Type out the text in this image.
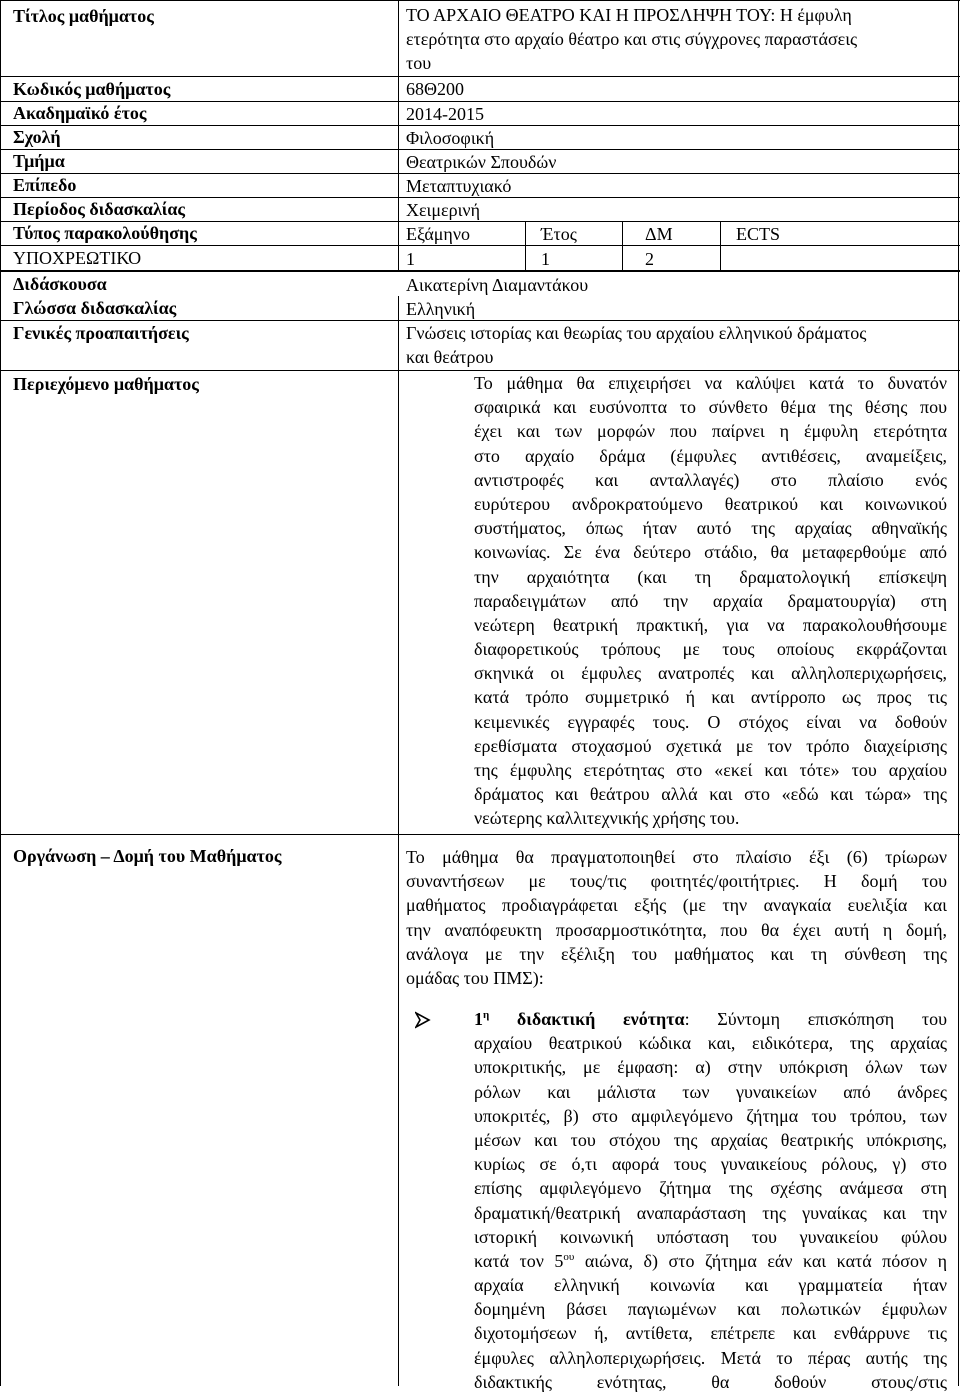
Τίτλος μαθήματος	ΤΟ ΑΡΧΑΙΟ ΘΕΑΤΡΟ ΚΑΙ Η ΠΡΟΣΛΗΨΗ ΤΟΥ: Η έμφυλη
ετερότητα στο αρχαίο θέατρο και στις σύγχρονες παραστάσεις
του
Κωδικός μαθήματος	68Θ200
Ακαδημαϊκό έτος	2014-2015
Σχολή	Φιλοσοφική
Τμήμα	Θεατρικών Σπουδών
Επίπεδο	Μεταπτυχιακό
Περίοδος διδασκαλίας	Χειμερινή
Τύπος παρακολούθησης	Εξάμηνο	Έτος	ΔΜ	ECTS
ΥΠΟΧΡΕΩΤΙΚΟ	1	1	2
Διδάσκουσα	Αικατερίνη Διαμαντάκου
Γλώσσα διδασκαλίας	Ελληνική
Γενικές προαπαιτήσεις	Γνώσεις ιστορίας και θεωρίας του αρχαίου ελληνικού δράματος
και θεάτρου
Περιεχόμενο μαθήματος	Το μάθημα θα επιχειρήσει να καλύψει κατά το δυνατόν
σφαιρικά και ευσύνοπτα το σύνθετο θέμα της θέσης που
έχει και των μορφών που παίρνει η έμφυλη ετερότητα
στο αρχαίο δράμα (έμφυλες αντιθέσεις, αναμείξεις,
αντιστροφές και ανταλλαγές) στο πλαίσιο ενός
ευρύτερου ανδροκρατούμενο θεατρικού και κοινωνικού
συστήματος, όπως ήταν αυτό της αρχαίας αθηναϊκής
κοινωνίας. Σε ένα δεύτερο στάδιο, θα μεταφερθούμε από
την αρχαιότητα (και τη δραματολογική επίσκεψη
παραδειγμάτων από την αρχαία δραματουργία) στη
νεώτερη θεατρική πρακτική, για να παρακολουθήσουμε
διαφορετικούς τρόπους με τους οποίους εκφράζονται
σκηνικά οι έμφυλες ανατροπές και αλληλοπεριχωρήσεις,
κατά τρόπο συμμετρικό ή και αντίρροπο ως προς τις
κειμενικές εγγραφές τους. Ο στόχος είναι να δοθούν
ερεθίσματα στοχασμού σχετικά με τον τρόπο διαχείρισης
της έμφυλης ετερότητας στο «εκεί και τότε» του αρχαίου
δράματος και θεάτρου αλλά και στο «εδώ και τώρα» της
νεώτερης καλλιτεχνικής χρήσης του.
Οργάνωση – Δομή του Μαθήματος	Το μάθημα θα πραγματοποιηθεί στο πλαίσιο έξι (6) τρίωρων
συναντήσεων με τους/τις φοιτητές/φοιτήτριες. Η δομή του
μαθήματος προδιαγράφεται εξής (με την αναγκαία ευελιξία και
την αναπόφευκτη προσαρμοστικότητα, που θα έχει αυτή η δομή,
ανάλογα με την εξέλιξη του μαθήματος και τη σύνθεση της
ομάδας του ΠΜΣ):
$1^\eta$ διδακτική ενότητα: Σύντομη επισκόπηση του
αρχαίου θεατρικού κώδικα και, ειδικότερα, της αρχαίας
υποκριτικής, με έμφαση: α) στην υπόκριση όλων των
ρόλων και μάλιστα των γυναικείων από άνδρες
υποκριτές, β) στο αμφιλεγόμενο ζήτημα του τρόπου, των
μέσων και του στόχου της αρχαίας θεατρικής υπόκρισης,
κυρίως σε ό,τι αφορά τους γυναικείους ρόλους, γ) στο
επίσης αμφιλεγόμενο ζήτημα της σχέσης ανάμεσα στη
δραματική/θεατρική αναπαράσταση της γυναίκας και την
ιστορική κοινωνική υπόσταση του γυναικείου φύλου
κατά τον $5^{o\upsilon}$ αιώνα, δ) στο ζήτημα εάν και κατά πόσον η
αρχαία ελληνική κοινωνία και γραμματεία ήταν
δομημένη βάσει παγιωμένων και πολωτικών έμφυλων
διχοτομήσεων ή, αντίθετα, επέτρεπε και ενθάρρυνε τις
έμφυλες αλληλοπεριχωρήσεις. Μετά το πέρας αυτής της
διδακτικής ενότητας, θα δοθούν στους/στις
